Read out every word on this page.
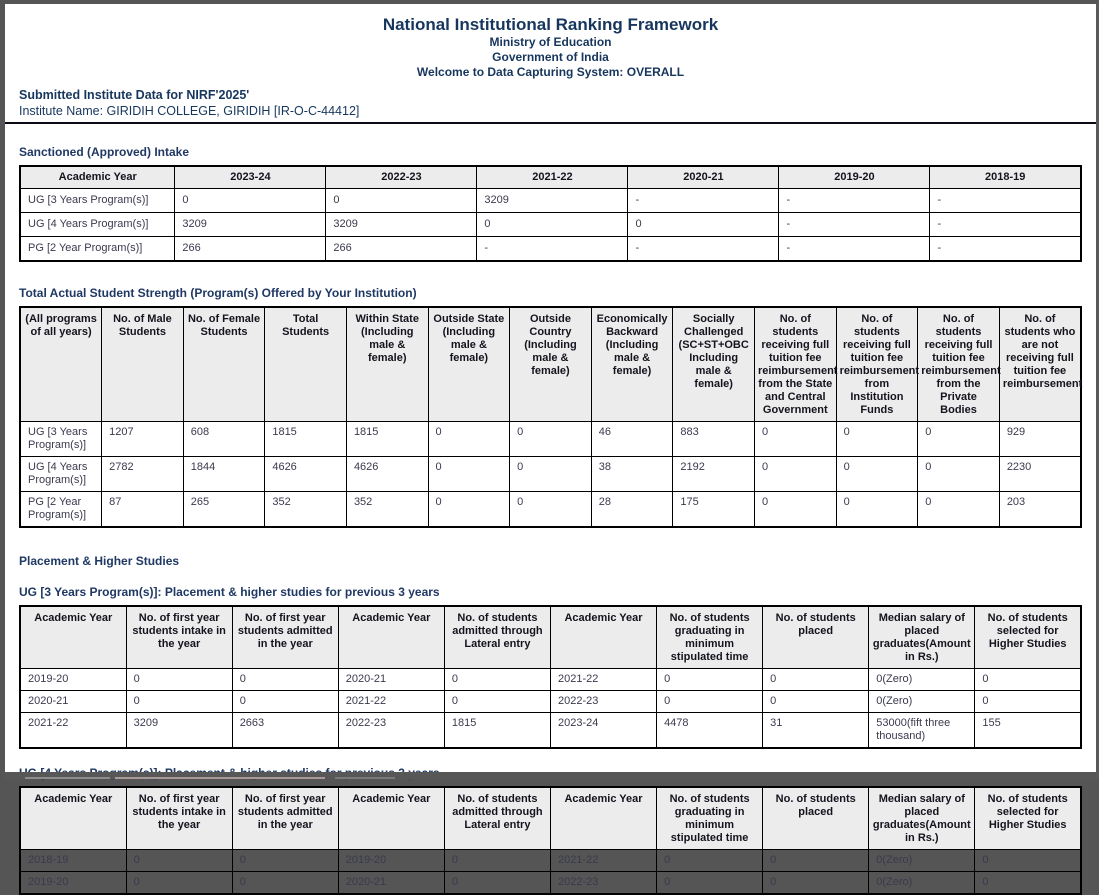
National Institutional Ranking Framework
Ministry of Education
Government of India
Welcome to Data Capturing System: OVERALL
Submitted Institute Data for NIRF'2025'
Institute Name: GIRIDIH COLLEGE, GIRIDIH [IR-O-C-44412]
Sanctioned (Approved) Intake
Academic Year	2023-24	2022-23	2021-22	2020-21	2019-20	2018-19
UG [3 Years Program(s)]	0	0	3209	-	-	-
UG [4 Years Program(s)]	3209	3209	0	0	-	-
PG [2 Year Program(s)]	266	266	-	-	-	-
Total Actual Student Strength (Program(s) Offered by Your Institution)
(All programs of all years)	No. of Male Students	No. of Female Students	Total Students	Within State (Including male & female)	Outside State (Including male & female)	Outside Country (Including male & female)	Economically Backward (Including male & female)	Socially Challenged (SC+ST+OBC Including male & female)	No. of students receiving full tuition fee reimbursement from the State and Central Government	No. of students receiving full tuition fee reimbursement from Institution Funds	No. of students receiving full tuition fee reimbursement from the Private Bodies	No. of students who are not receiving full tuition fee reimbursement
UG [3 Years Program(s)]	1207	608	1815	1815	0	0	46	883	0	0	0	929
UG [4 Years Program(s)]	2782	1844	4626	4626	0	0	38	2192	0	0	0	2230
PG [2 Year Program(s)]	87	265	352	352	0	0	28	175	0	0	0	203
Placement & Higher Studies
UG [3 Years Program(s)]: Placement & higher studies for previous 3 years
Academic Year	No. of first year students intake in the year	No. of first year students admitted in the year	Academic Year	No. of students admitted through Lateral entry	Academic Year	No. of students graduating in minimum stipulated time	No. of students placed	Median salary of placed graduates(Amount in Rs.)	No. of students selected for Higher Studies
2019-20	0	0	2020-21	0	2021-22	0	0	0(Zero)	0
2020-21	0	0	2021-22	0	2022-23	0	0	0(Zero)	0
2021-22	3209	2663	2022-23	1815	2023-24	4478	31	53000(fift three thousand)	155
Academic Year	No. of first year students intake in the year	No. of first year students admitted in the year	Academic Year	No. of students admitted through Lateral entry	Academic Year	No. of students graduating in minimum stipulated time	No. of students placed	Median salary of placed graduates(Amount in Rs.)	No. of students selected for Higher Studies
2018-19	0	0	2019-20	0	2021-22	0	0	0(Zero)	0
2019-20	0	0	2020-21	0	2022-23	0	0	0(Zero)	0
